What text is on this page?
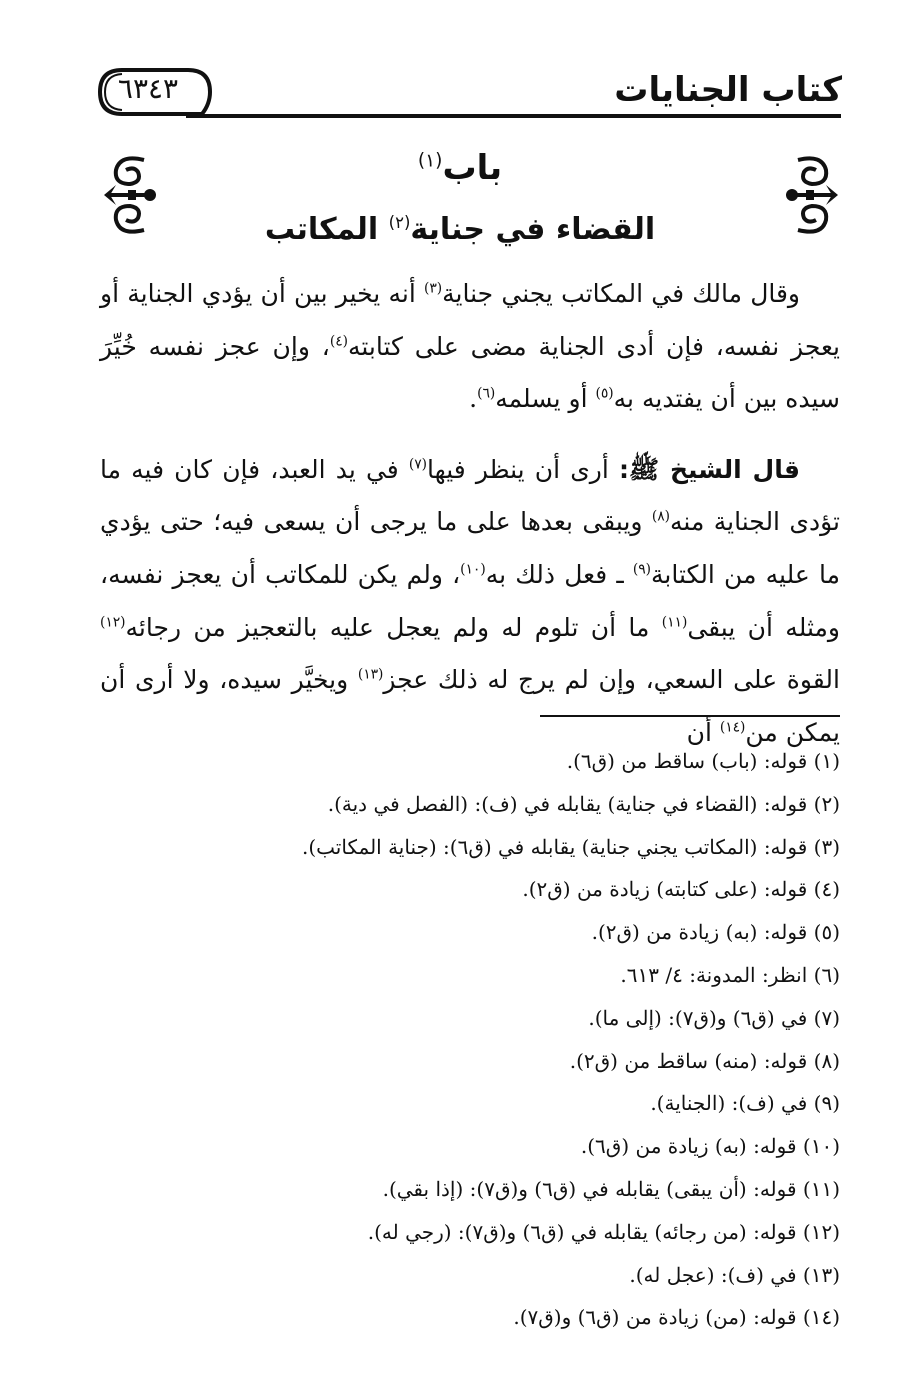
كتاب الجنايات
٦٣٤٣
باب$^{(١)}$
القضاء في جناية$^{(٢)}$ المكاتب

وقال مالك في المكاتب يجني جناية$^{(٣)}$ أنه يخير بين أن يؤدي الجناية أو يعجز نفسه، فإن أدى الجناية مضى على كتابته$^{(٤)}$، وإن عجز نفسه خُيِّرَ سيده بين أن يفتديه به$^{(٥)}$ أو يسلمه$^{(٦)}$.

قال الشيخ ﷺ: أرى أن ينظر فيها$^{(٧)}$ في يد العبد، فإن كان فيه ما تؤدى الجناية منه$^{(٨)}$ ويبقى بعدها على ما يرجى أن يسعى فيه؛ حتى يؤدي ما عليه من الكتابة$^{(٩)}$ ـ فعل ذلك به$^{(١٠)}$، ولم يكن للمكاتب أن يعجز نفسه، ومثله أن يبقى$^{(١١)}$ ما أن تلوم له ولم يعجل عليه بالتعجيز من رجائه$^{(١٢)}$ القوة على السعي، وإن لم يرج له ذلك عجز$^{(١٣)}$ ويخيَّر سيده، ولا أرى أن يمكن من$^{(١٤)}$ أن

(١) قوله: (باب) ساقط من (ق٦).
(٢) قوله: (القضاء في جناية) يقابله في (ف): (الفصل في دية).
(٣) قوله: (المكاتب يجني جناية) يقابله في (ق٦): (جناية المكاتب).
(٤) قوله: (على كتابته) زيادة من (ق٢).
(٥) قوله: (به) زيادة من (ق٢).
(٦) انظر: المدونة: ٤/ ٦١٣.
(٧) في (ق٦) و(ق٧): (إلى ما).
(٨) قوله: (منه) ساقط من (ق٢).
(٩) في (ف): (الجناية).
(١٠) قوله: (به) زيادة من (ق٦).
(١١) قوله: (أن يبقى) يقابله في (ق٦) و(ق٧): (إذا بقي).
(١٢) قوله: (من رجائه) يقابله في (ق٦) و(ق٧): (رجي له).
(١٣) في (ف): (عجل له).
(١٤) قوله: (من) زيادة من (ق٦) و(ق٧).
